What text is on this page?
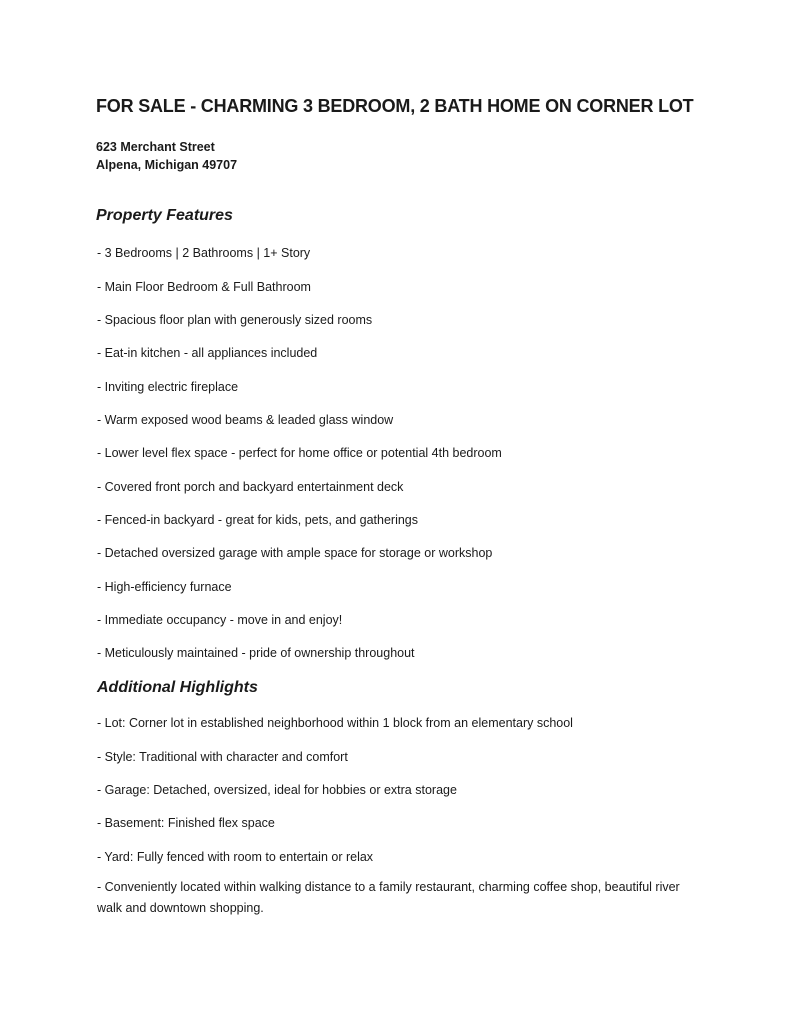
FOR SALE - CHARMING 3 BEDROOM, 2 BATH HOME ON CORNER LOT
623 Merchant Street
Alpena, Michigan 49707
Property Features
- 3 Bedrooms | 2 Bathrooms | 1+ Story
- Main Floor Bedroom & Full Bathroom
- Spacious floor plan with generously sized rooms
- Eat-in kitchen - all appliances included
- Inviting electric fireplace
- Warm exposed wood beams & leaded glass window
- Lower level flex space - perfect for home office or potential 4th bedroom
- Covered front porch and backyard entertainment deck
- Fenced-in backyard - great for kids, pets, and gatherings
- Detached oversized garage with ample space for storage or workshop
- High-efficiency furnace
- Immediate occupancy - move in and enjoy!
- Meticulously maintained - pride of ownership throughout
Additional Highlights
- Lot: Corner lot in established neighborhood within 1 block from an elementary school
- Style: Traditional with character and comfort
- Garage: Detached, oversized, ideal for hobbies or extra storage
- Basement: Finished flex space
- Yard: Fully fenced with room to entertain or relax
- Conveniently located within walking distance to a family restaurant, charming coffee shop, beautiful river walk and downtown shopping.
